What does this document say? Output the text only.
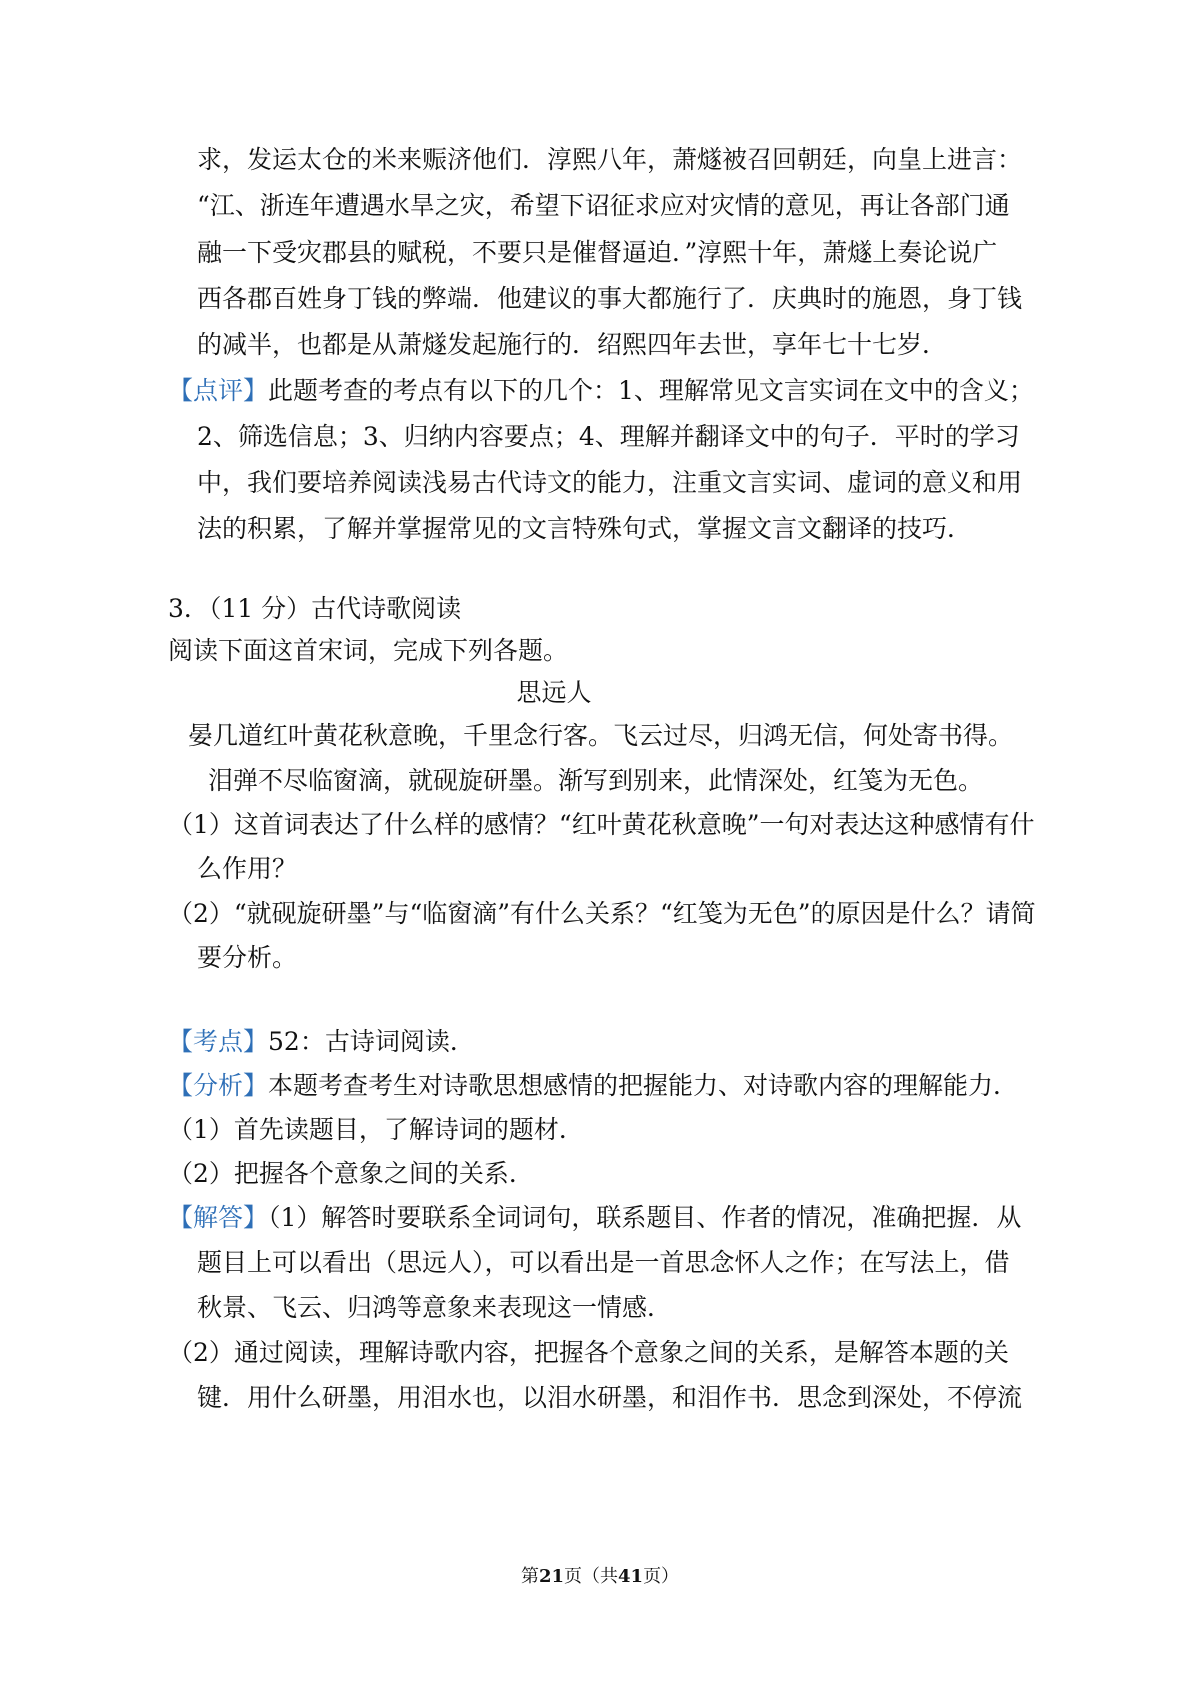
求，发运太仓的米来赈济他们．淳熙八年，萧燧被召回朝廷，向皇上进言：
“江、浙连年遭遇水旱之灾，希望下诏征求应对灾情的意见，再让各部门通
融一下受灾郡县的赋税，不要只是催督逼迫．”淳熙十年，萧燧上奏论说广
西各郡百姓身丁钱的弊端．他建议的事大都施行了．庆典时的施恩，身丁钱
的减半，也都是从萧燧发起施行的．绍熙四年去世，享年七十七岁．
【点评】此题考查的考点有以下的几个：1、理解常见文言实词在文中的含义；
2、筛选信息；3、归纳内容要点；4、理解并翻译文中的句子．平时的学习
中，我们要培养阅读浅易古代诗文的能力，注重文言实词、虚词的意义和用
法的积累，了解并掌握常见的文言特殊句式，掌握文言文翻译的技巧．
3．（11 分）古代诗歌阅读
阅读下面这首宋词，完成下列各题。
思远人
晏几道红叶黄花秋意晚，千里念行客。飞云过尽，归鸿无信，何处寄书得。
泪弹不尽临窗滴，就砚旋研墨。渐写到别来，此情深处，红笺为无色。
（1）这首词表达了什么样的感情？“红叶黄花秋意晚”一句对表达这种感情有什
么作用？
（2）“就砚旋研墨”与“临窗滴”有什么关系？“红笺为无色”的原因是什么？请简
要分析。
【考点】52：古诗词阅读．
【分析】本题考查考生对诗歌思想感情的把握能力、对诗歌内容的理解能力．
（1）首先读题目，了解诗词的题材．
（2）把握各个意象之间的关系．
【解答】（1）解答时要联系全词词句，联系题目、作者的情况，准确把握．从
题目上可以看出（思远人），可以看出是一首思念怀人之作；在写法上，借
秋景、飞云、归鸿等意象来表现这一情感．
（2）通过阅读，理解诗歌内容，把握各个意象之间的关系，是解答本题的关
键．用什么研墨，用泪水也，以泪水研墨，和泪作书．思念到深处，不停流
第21页（共41页）
